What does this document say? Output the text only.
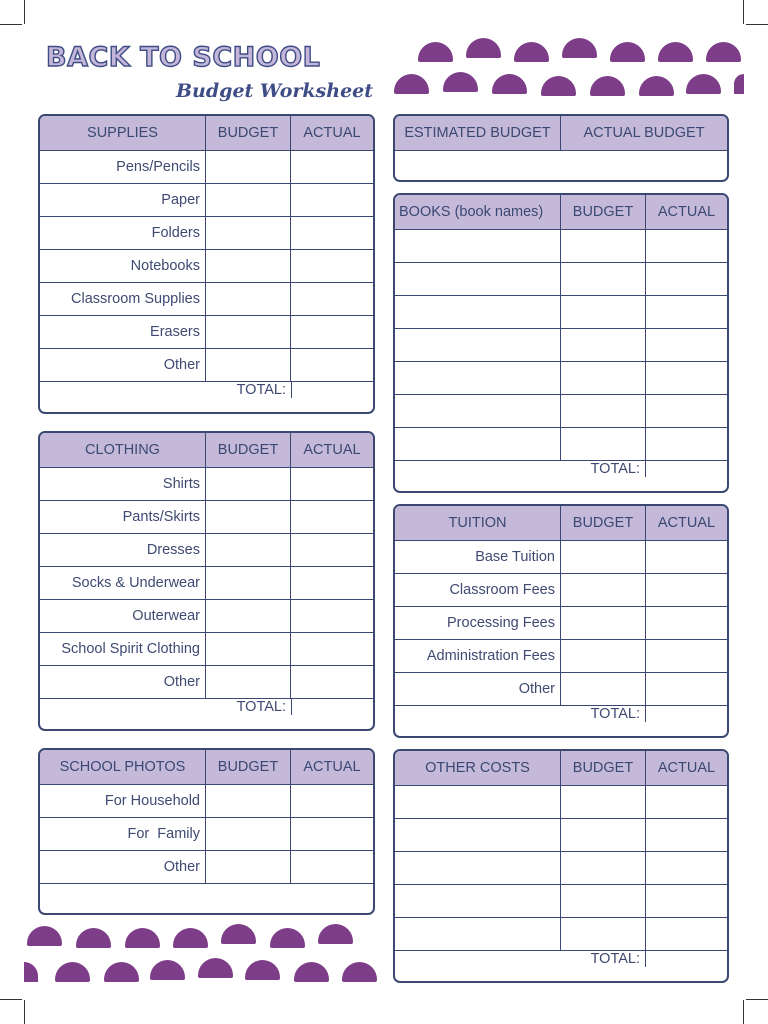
BACK TO SCHOOL
Budget Worksheet
SUPPLIES	BUDGET	ACTUAL
Pens/Pencils
Paper
Folders
Notebooks
Classroom Supplies
Erasers
Other
TOTAL:
CLOTHING	BUDGET	ACTUAL
Shirts
Pants/Skirts
Dresses
Socks & Underwear
Outerwear
School Spirit Clothing
Other
TOTAL:
SCHOOL PHOTOS	BUDGET	ACTUAL
For Household
For  Family
Other
ESTIMATED BUDGET	ACTUAL BUDGET
BOOKS (book names)	BUDGET	ACTUAL
TOTAL:
TUITION	BUDGET	ACTUAL
Base Tuition
Classroom Fees
Processing Fees
Administration Fees
Other
TOTAL:
OTHER COSTS	BUDGET	ACTUAL
TOTAL:
